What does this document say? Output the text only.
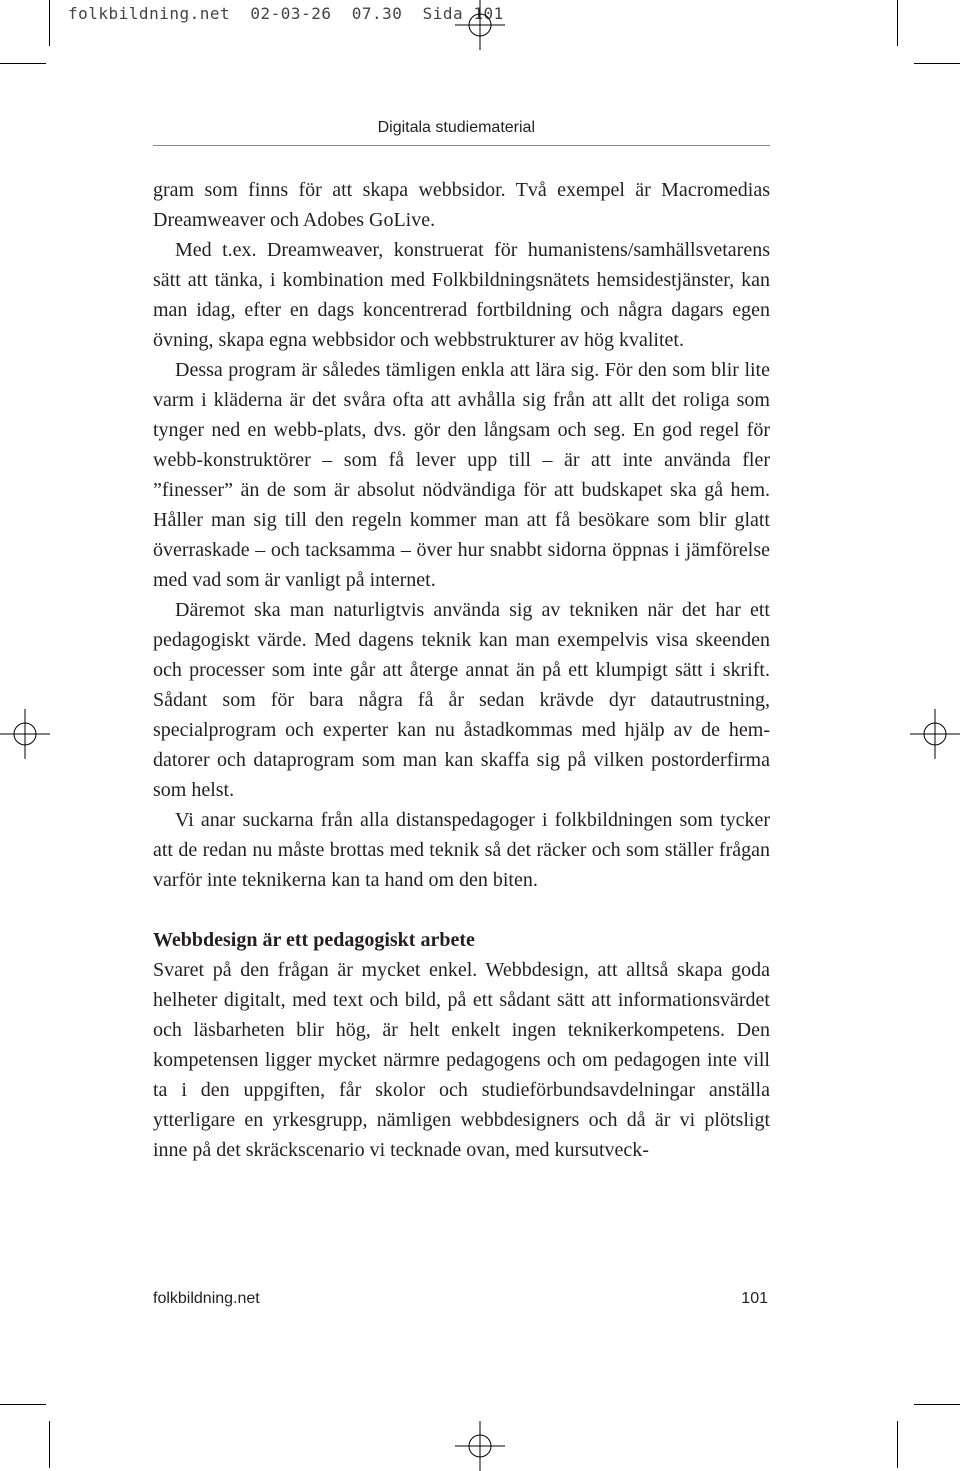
folkbildning.net  02-03-26  07.30  Sida 101
Digitala studiematerial

gram som finns för att skapa webbsidor. Två exempel är Macromedias Dreamweaver och Adobes GoLive.

Med t.ex. Dreamweaver, konstruerat för humanistens/samhällsvetarens sätt att tänka, i kombination med Folkbildningsnätets hemsidestjänster, kan man idag, efter en dags koncentrerad fortbildning och några dagars egen övning, skapa egna webbsidor och webbstrukturer av hög kvalitet.

Dessa program är således tämligen enkla att lära sig. För den som blir lite varm i kläderna är det svåra ofta att avhålla sig från att allt det roliga som tynger ned en webb-plats, dvs. gör den långsam och seg. En god regel för webb-konstruktörer – som få lever upp till – är att inte använda fler ”finesser” än de som är absolut nödvändiga för att budskapet ska gå hem. Håller man sig till den regeln kommer man att få besökare som blir glatt överraskade – och tacksamma – över hur snabbt sidorna öppnas i jämförelse med vad som är vanligt på internet.

Däremot ska man naturligtvis använda sig av tekniken när det har ett pedagogiskt värde. Med dagens teknik kan man exempelvis visa skeenden och processer som inte går att återge annat än på ett klumpigt sätt i skrift. Sådant som för bara några få år sedan krävde dyr datautrustning, specialprogram och experter kan nu åstadkommas med hjälp av de hemdatorer och dataprogram som man kan skaffa sig på vilken postorderfirma som helst.

Vi anar suckarna från alla distanspedagoger i folkbildningen som tycker att de redan nu måste brottas med teknik så det räcker och som ställer frågan varför inte teknikerna kan ta hand om den biten.

Webbdesign är ett pedagogiskt arbete

Svaret på den frågan är mycket enkel. Webbdesign, att alltså skapa goda helheter digitalt, med text och bild, på ett sådant sätt att informationsvärdet och läsbarheten blir hög, är helt enkelt ingen teknikerkompetens. Den kompetensen ligger mycket närmre pedagogens och om pedagogen inte vill ta i den uppgiften, får skolor och studieförbundsavdelningar anställa ytterligare en yrkesgrupp, nämligen webbdesigners och då är vi plötsligt inne på det skräckscenario vi tecknade ovan, med kursutveck-

folkbildning.net	101
